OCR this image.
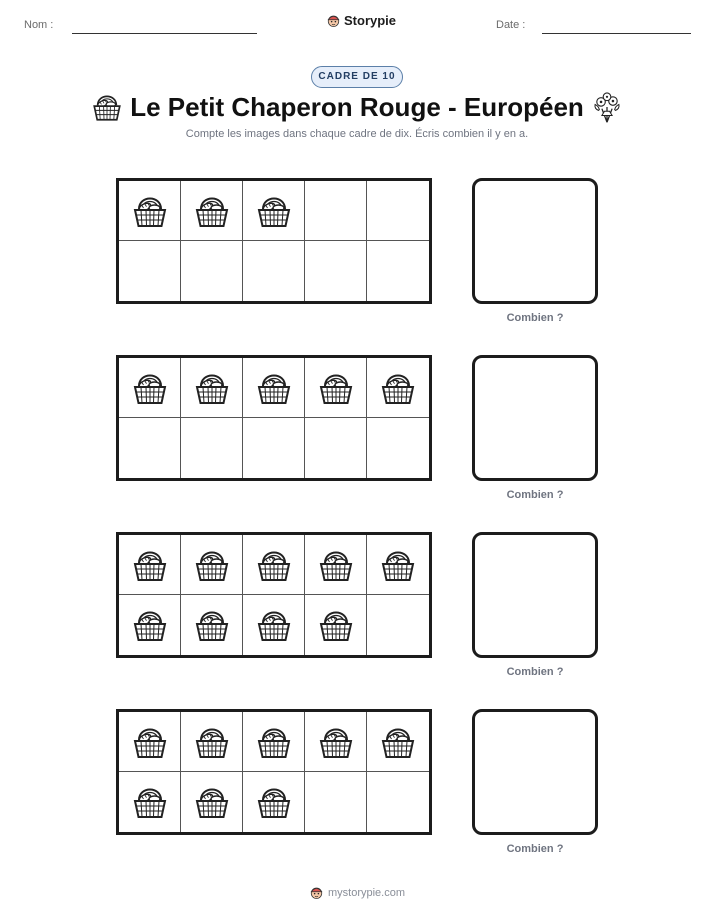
Nom :	Storypie	Date :
CADRE DE 10
Le Petit Chaperon Rouge - Européen
Compte les images dans chaque cadre de dix. Écris combien il y en a.
Combien ?
Combien ?
Combien ?
Combien ?
mystorypie.com
